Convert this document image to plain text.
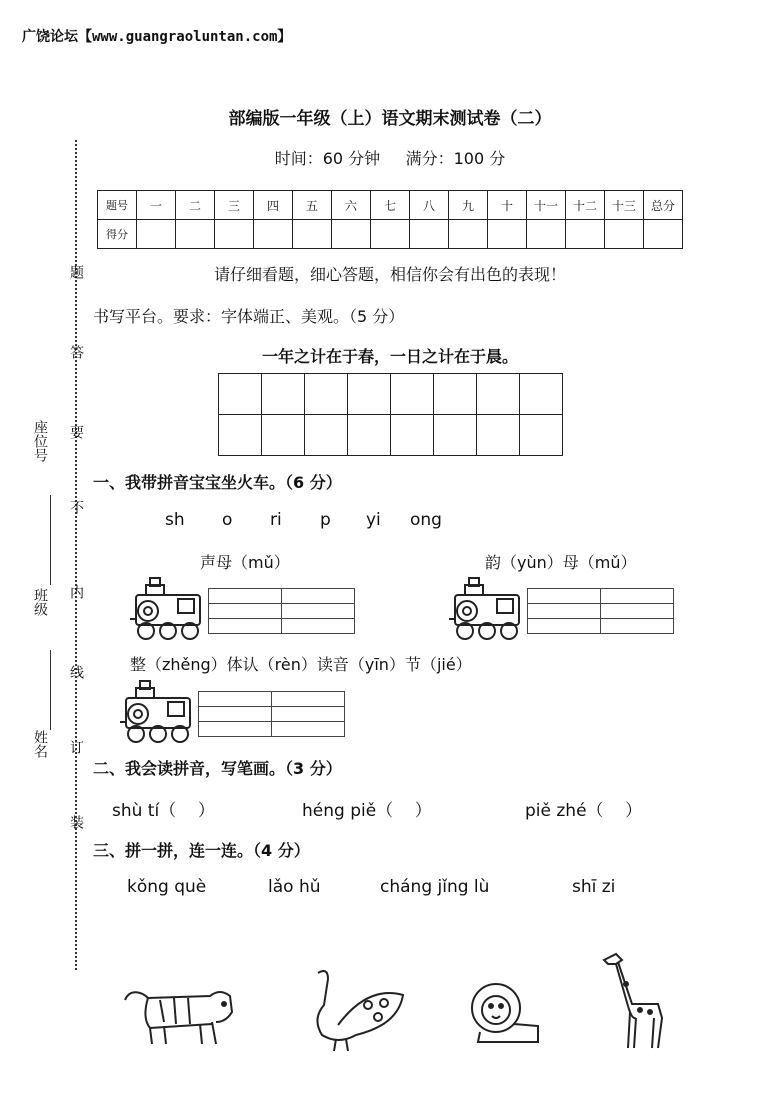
广饶论坛【www.guangraoluntan.com】
座位号
班级
姓名
题
答
要
不
内
线
订
装
部编版一年级（上）语文期末测试卷（二）
时间：60 分钟     满分：100 分
题号	一	二	三	四	五	六	七	八	九	十	十一	十二	十三	总分
得分														
请仔细看题，细心答题，相信你会有出色的表现！
书写平台。要求：字体端正、美观。（5 分）
一年之计在于春，一日之计在于晨。

一、我带拼音宝宝坐火车。（6 分）
sh o ri p yi ong
声母（mǔ）	韵（yùn）母（mǔ）
整（zhěng）体认（rèn）读音（yīn）节（jié）

二、我会读拼音，写笔画。（3 分）
shù tí（    ）	héng piě（    ）	piě zhé（    ）
三、拼一拼，连一连。（4 分）
kǒng què	lǎo hǔ	cháng jǐng lù	shī zi
